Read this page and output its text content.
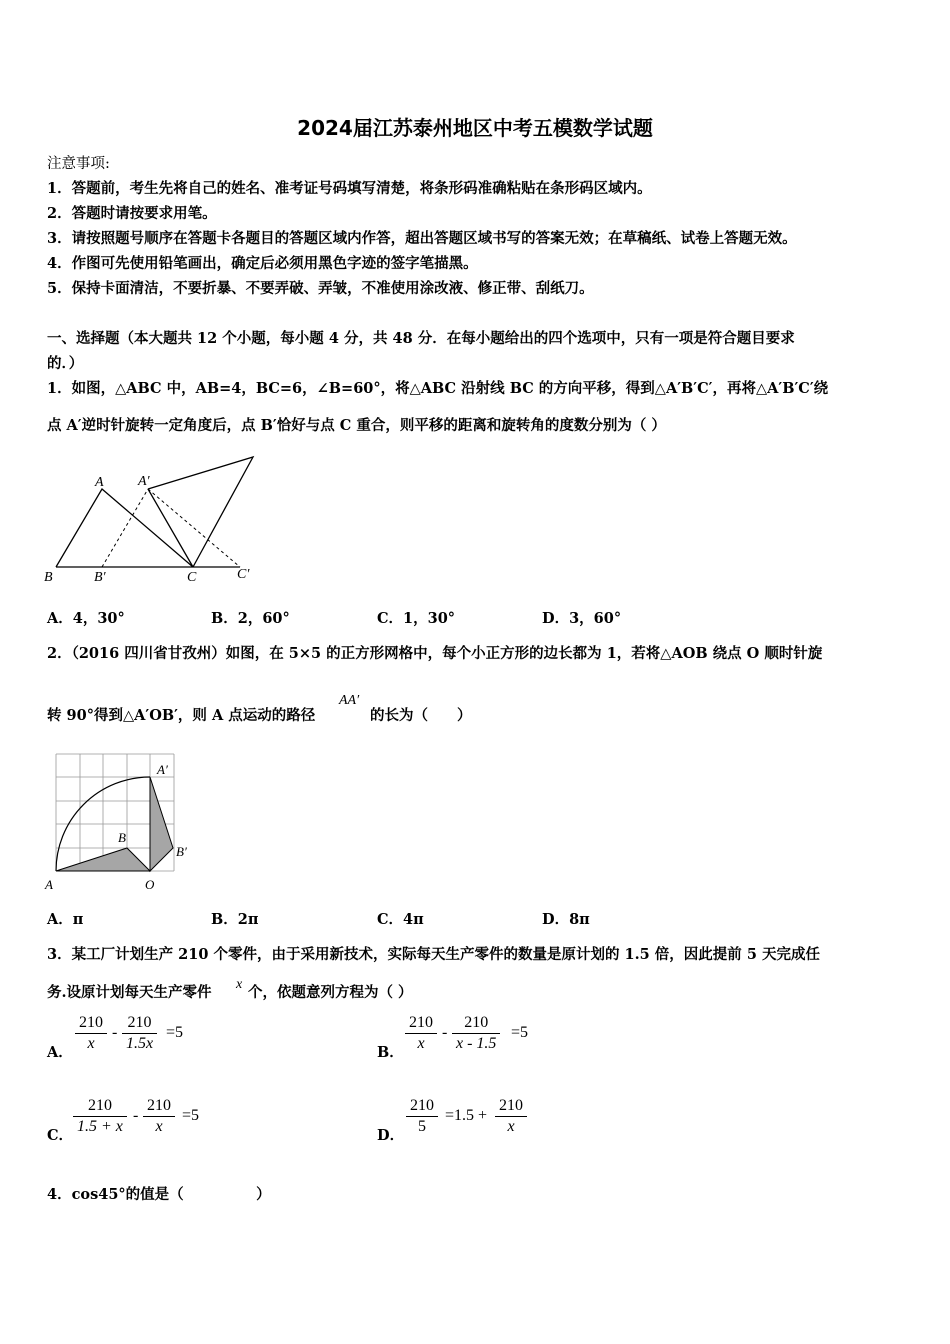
2024届江苏泰州地区中考五模数学试题
注意事项:
1．答题前，考生先将自己的姓名、准考证号码填写清楚，将条形码准确粘贴在条形码区域内。
2．答题时请按要求用笔。
3．请按照题号顺序在答题卡各题目的答题区域内作答，超出答题区域书写的答案无效；在草稿纸、试卷上答题无效。
4．作图可先使用铅笔画出，确定后必须用黑色字迹的签字笔描黑。
5．保持卡面清洁，不要折暴、不要弄破、弄皱，不准使用涂改液、修正带、刮纸刀。
一、选择题（本大题共 12 个小题，每小题 4 分，共 48 分．在每小题给出的四个选项中，只有一项是符合题目要求
的．）
1．如图，△ABC 中，AB=4，BC=6，∠B=60°，将△ABC 沿射线 BC 的方向平移，得到△A′B′C′，再将△A′B′C′绕
点 A′逆时针旋转一定角度后，点 B′恰好与点 C 重合，则平移的距离和旋转角的度数分别为（ ）
A A′
B	B′	C	C′
A．4，30°	B．2，60°	C．1，30°	D．3，60°
2．（2016 四川省甘孜州）如图，在 5×5 的正方形网格中，每个小正方形的边长都为 1，若将△AOB 绕点 O 顺时针旋
转 90°得到△A′OB′，则 A 点运动的路径
AA′
的长为（　　）
A′
B
B′
A	O
A．π	B．2π	C．4π	D．8π
3．某工厂计划生产 210 个零件，由于采用新技术，实际每天生产零件的数量是原计划的 1.5 倍，因此提前 5 天完成任
务.设原计划每天生产零件 x 个，依题意列方程为（ ）
A． $\frac{210}{x} - \frac{210}{1.5x} =5$
B． $\frac{210}{x} - \frac{210}{x - 1.5} =5$
C． $\frac{210}{1.5 + x} - \frac{210}{x} =5$
D． $\frac{210}{5} =1.5 + \frac{210}{x}$
4．cos45°的值是（　　　　　）
